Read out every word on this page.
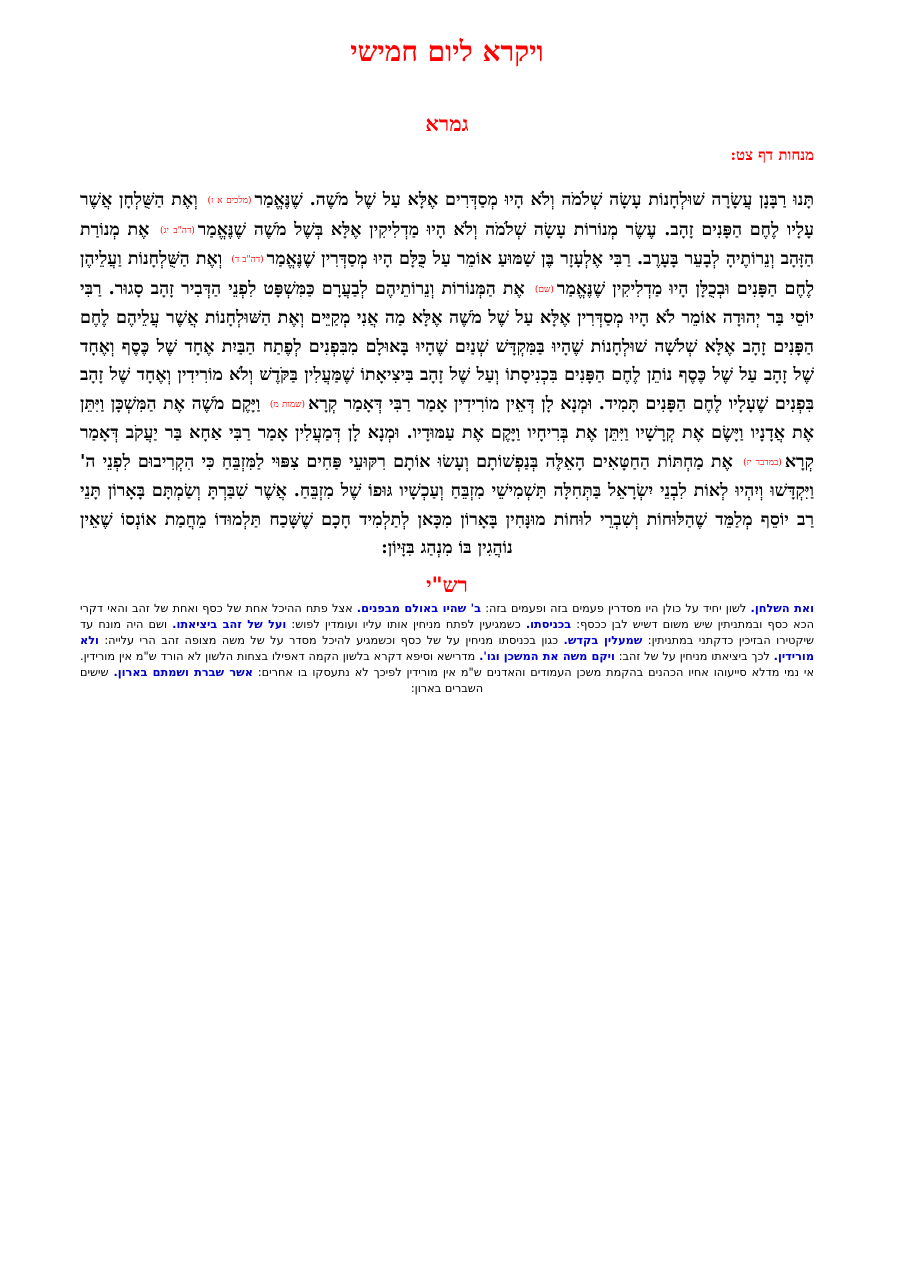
ויקרא ליום חמישי
גמרא
מנחות דף צט:
תָּנוּ רַבָּנָן עֲשָׂרָה שׁוּלְחָנוֹת עָשָׂה שְׁלֹמֹה וְלֹא הָיוּ מְסַדְּרִים אֶלָּא עַל שֶׁל מֹשֶׁה. שֶׁנֶּאֱמַר(מלכים א ז) וְאֶת הַשֻּׁלְחָן אֲשֶׁר עָלָיו לֶחֶם הַפָּנִים זָהָב. עֶשֶׂר מְנוֹרוֹת עָשָׂה שְׁלֹמֹה וְלֹא הָיוּ מַדְלִיקִין אֶלָּא בְּשֶׁל מֹשֶׁה שֶׁנֶּאֱמַר(דה"ב יג) אֶת מְנוֹרַת הַזָּהָב וְנֵרוֹתֶיהָ לְבָעֵר בָּעָרֶב. רַבִּי אֶלְעָזָר בֶּן שַׁמּוּעַ אוֹמֵר עַל כֻּלָּם הָיוּ מְסַדְּרִין שֶׁנֶּאֱמַר(דה"ב ד) וְאֶת הַשֻּׁלְחָנוֹת וַעֲלֵיהֶן לֶחֶם הַפָּנִים וּבְכֻלָּן הָיוּ מַדְלִיקִין שֶׁנֶּאֱמַר(שם) אֶת הַמְּנוֹרוֹת וְנֵרוֹתֵיהֶם לְבַעֲרָם כַּמִּשְׁפָּט לִפְנֵי הַדְּבִיר זָהָב סָגוּר. רַבִּי יוֹסֵי בַּר יְהוּדָה אוֹמֵר לֹא הָיוּ מְסַדְּרִין אֶלָּא עַל שֶׁל מֹשֶׁה אֶלָּא מַה אֲנִי מְקַיֵּים וְאֶת הַשּׁוּלְחָנוֹת אֲשֶׁר עֲלֵיהֶם לֶחֶם הַפָּנִים זָהָב אֶלָּא שְׁלֹשָׁה שׁוּלְחָנוֹת שֶׁהָיוּ בַּמִּקְדָּשׁ שְׁנַיִם שֶׁהָיוּ בָּאוּלָם מִבִּפְנִים לְפֶתַח הַבַּיִת אֶחָד שֶׁל כֶּסֶף וְאֶחָד שֶׁל זָהָב עַל שֶׁל כֶּסֶף נוֹתֵן לֶחֶם הַפָּנִים בִּכְנִיסָתוֹ וְעַל שֶׁל זָהָב בִּיצִיאָתוֹ שֶׁמַּעֲלִין בַּקֹּדֶשׁ וְלֹא מוֹרִידִין וְאֶחָד שֶׁל זָהָב בִּפְנִים שֶׁעָלָיו לֶחֶם הַפָּנִים תָּמִיד. וּמְנָא לָן דְּאֵין מוֹרִידִין אָמַר רַבִּי דְּאָמַר קְרָא(שמות מ) וַיָּקֶם מֹשֶׁה אֶת הַמִּשְׁכָּן וַיִּתֵּן אֶת אֲדָנָיו וַיָּשֶׂם אֶת קְרָשָׁיו וַיִּתֵּן אֶת בְּרִיחָיו וַיָּקֶם אֶת עַמּוּדָיו. וּמְנָא לָן דְּמַעֲלִין אָמַר רַבִּי אַחָא בַּר יַעֲקֹב דְּאָמַר קְרָא(במדבר יז) אֶת מַחְתּוֹת הַחַטָּאִים הָאֵלֶּה בְּנַפְשׁוֹתָם וְעָשׂוּ אוֹתָם רִקּוּעֵי פַּחִים צִפּוּי לַמִּזְבֵּחַ כִּי הִקְרִיבוּם לִפְנֵי ה' וַיִּקְדָּשׁוּ וְיִהְיוּ לְאוֹת לִבְנֵי יִשְׂרָאֵל בַּתְּחִלָּה תַּשְׁמִישֵׁי מִזְבֵּחַ וְעַכְשָׁיו גּוּפוֹ שֶׁל מִזְבֵּחַ. אֲשֶׁר שִׁבַּרְתָּ וְשַׂמְתָּם בָּאָרוֹן תָּנֵי רַב יוֹסֵף מְלַמֵּד שֶׁהַלּוּחוֹת וְשִׁבְרֵי לוּחוֹת מוּנָּחִין בָּאָרוֹן מִכָּאן לְתַלְמִיד חָכָם שֶׁשָּׁכַח תַּלְמוּדוֹ מֵחֲמַת אוֹנְסוֹ שֶׁאֵין נוֹהֲגִין בּוֹ מִנְהַג בִּזָּיוֹן:
רש"י
ואת השלחן. לשון יחיד על כולן היו מסדרין פעמים בזה ופעמים בזה: ב' שהיו באולם מבפנים. אצל פתח ההיכל אחת של כסף ואחת של זהב והאי דקרי הכא כסף ובמתניתין שיש משום דשיש לבן ככסף: בכניסתו. כשמגיעין לפתח מניחין אותו עליו ועומדין לפוש: ועל של זהב ביציאתו. ושם היה מונח עד שיקטירו הבזיכין כדקתני במתניתין: שמעלין בקדש. כגון בכניסתו מניחין על של כסף וכשמגיע להיכל מסדר על של משה מצופה זהב הרי עלייה: ולא מורידין. לכך ביציאתו מניחין על של זהב: ויקם משה את המשכן וגו'. מדרישא וסיפא דקרא בלשון הקמה דאפילו בצחות הלשון לא הורד ש"מ אין מורידין. אי נמי מדלא סייעוהו אחיו הכהנים בהקמת משכן העמודים והאדנים ש"מ אין מורידין לפיכך לא נתעסקו בו אחרים: אשר שברת ושמתם בארון. שישים השברים בארון:
